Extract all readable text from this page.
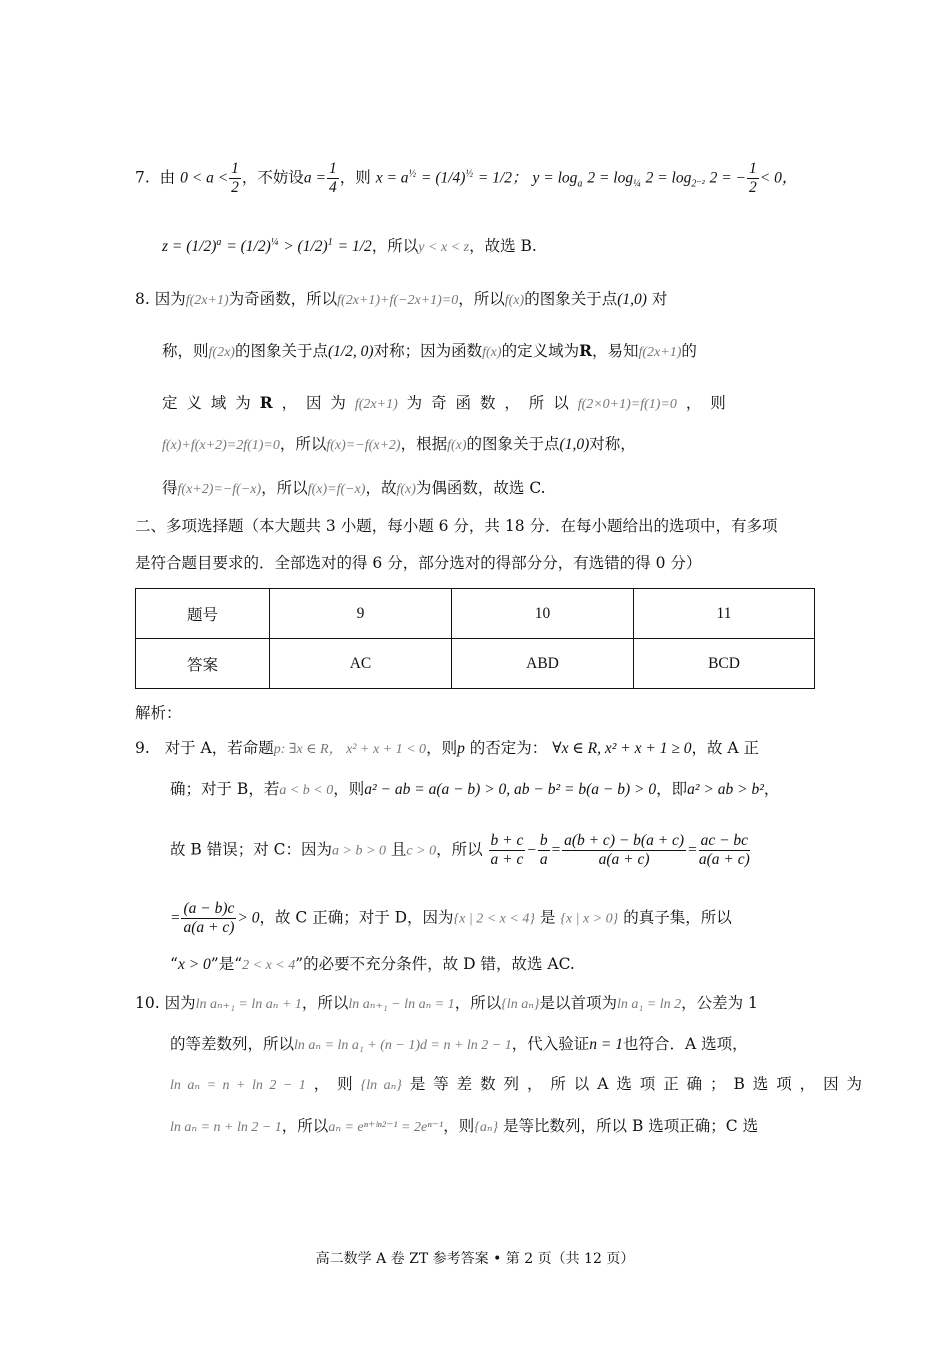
7. 由 $0 < a < \frac{1}{2}$ ，不妨设$a = \frac{1}{4}$ ，则 $x = a^{\frac{1}{2}} = (1/4)^{\frac{1}{2}} = 1/2$； $y = \log_a 2 = \log_{\frac{1}{4}} 2 = \log_{2^{-2}} 2$ = − $\frac{1}{2} < 0$，
$z = (1/2)^a = (1/2)^{\frac{1}{4}} > (1/2)^1 = 1/2$，所以y < x < z，故选 B.
8. 因为f(2x+1)为奇函数，所以f(2x+1)+f(−2x+1)=0，所以f(x)的图象关于点(1,0) 对
称，则f(2x)的图象关于点(1/2, 0)对称；因为函数f(x)的定义域为R，易知f(2x+1)的
定 义 域 为 R ， 因 为 f(2x+1) 为 奇 函 数 ， 所 以 f(2×0+1)=f(1)=0 ， 则
f(x)+f(x+2)=2f(1)=0，所以f(x)=−f(x+2)，根据f(x)的图象关于点(1,0)对称，
得f(x+2)=−f(−x)，所以f(x)=f(−x)，故f(x)为偶函数，故选 C.
二、多项选择题（本大题共 3 小题，每小题 6 分，共 18 分．在每小题给出的选项中，有多项
是符合题目要求的．全部选对的得 6 分，部分选对的得部分分，有选错的得 0 分）
题号	9	10	11
答案	AC	ABD	BCD
解析：
9. 对于 A，若命题p: ∃x ∈ R， x² + x + 1 < 0，则p 的否定为： ∀x ∈ R, x² + x + 1 ≥ 0，故 A 正
确；对于 B，若a < b < 0，则a² − ab = a(a − b) > 0, ab − b² = b(a − b) > 0，即a² > ab > b²，
故 B 错误；对 C：因为a > b > 0 且c > 0，所以 $\frac{b + c}{a + c} - \frac{b}{a} = \frac{a(b + c) - b(a + c)}{a(a + c)} = \frac{ac - bc}{a(a + c)}$
= $\frac{(a - b)c}{a(a + c)} > 0$，故 C 正确；对于 D，因为{x | 2 < x < 4} 是 {x | x > 0} 的真子集，所以
“x > 0”是“2 < x < 4”的必要不充分条件，故 D 错，故选 AC.
10. 因为ln aₙ₊₁ = ln aₙ + 1，所以ln aₙ₊₁ − ln aₙ = 1，所以{ln aₙ}是以首项为ln a₁ = ln 2，公差为 1
的等差数列，所以ln aₙ = ln a₁ + (n − 1)d = n + ln 2 − 1，代入验证n = 1也符合．A 选项，
ln aₙ = n + ln 2 − 1 ， 则 {ln aₙ} 是 等 差 数 列 ， 所 以 A 选 项 正 确 ； B 选 项 ， 因 为
ln aₙ = n + ln 2 − 1，所以aₙ = eⁿ⁺ˡⁿ²⁻¹ = 2eⁿ⁻¹，则{aₙ} 是等比数列，所以 B 选项正确；C 选
高二数学 A 卷 ZT 参考答案 • 第 2 页（共 12 页）
